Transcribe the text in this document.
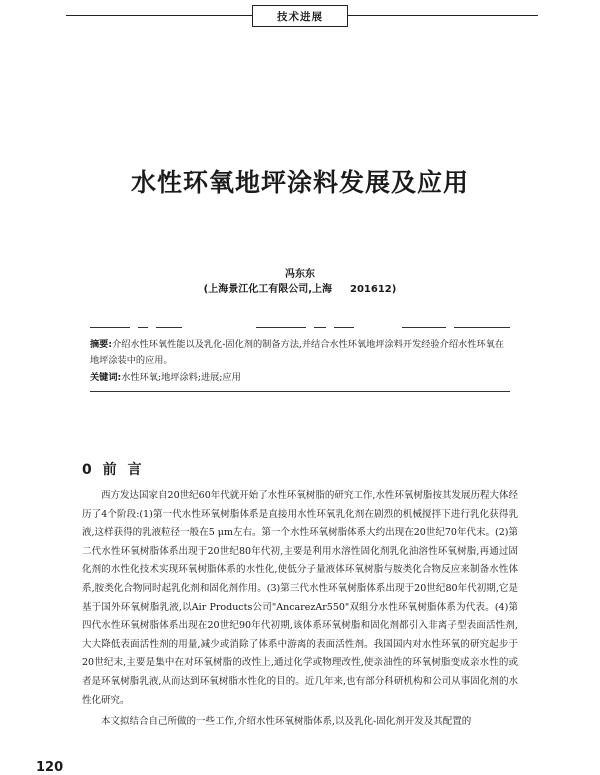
技术进展
水性环氧地坪涂料发展及应用
冯东东
(上海景江化工有限公司,上海 201612)
摘要:介绍水性环氧性能以及乳化-固化剂的制备方法,并结合水性环氧地坪涂料开发经验介绍水性环氧在地坪涂装中的应用。
关键词:水性环氧;地坪涂料;进展;应用
0 前 言
西方发达国家自20世纪60年代就开始了水性环氧树脂的研究工作,水性环氧树脂按其发展历程大体经历了4个阶段:(1)第一代水性环氧树脂体系是直接用水性环氧乳化剂在剧烈的机械搅拌下进行乳化获得乳液,这样获得的乳液粒径一般在5 μm左右。第一个水性环氧树脂体系大约出现在20世纪70年代末。(2)第二代水性环氧树脂体系出现于20世纪80年代初,主要是利用水溶性固化剂乳化油溶性环氧树脂,再通过固化剂的水性化技术实现环氧树脂体系的水性化,使低分子量液体环氧树脂与胺类化合物反应来制备水性体系,胺类化合物同时起乳化剂和固化剂作用。(3)第三代水性环氧树脂体系出现于20世纪80年代初期,它是基于国外环氧树脂乳液,以Air Products公司"AncarezAr550"双组分水性环氧树脂体系为代表。(4)第四代水性环氧树脂体系出现在20世纪90年代初期,该体系环氧树脂和固化剂都引入非离子型表面活性剂,大大降低表面活性剂的用量,减少或消除了体系中游离的表面活性剂。我国国内对水性环氧的研究起步于20世纪末,主要是集中在对环氧树脂的改性上,通过化学或物理改性,使亲油性的环氧树脂变成亲水性的或者是环氧树脂乳液,从而达到环氧树脂水性化的目的。近几年来,也有部分科研机构和公司从事固化剂的水性化研究。
本文拟结合自己所做的一些工作,介绍水性环氧树脂体系,以及乳化-固化剂开发及其配置的
120
